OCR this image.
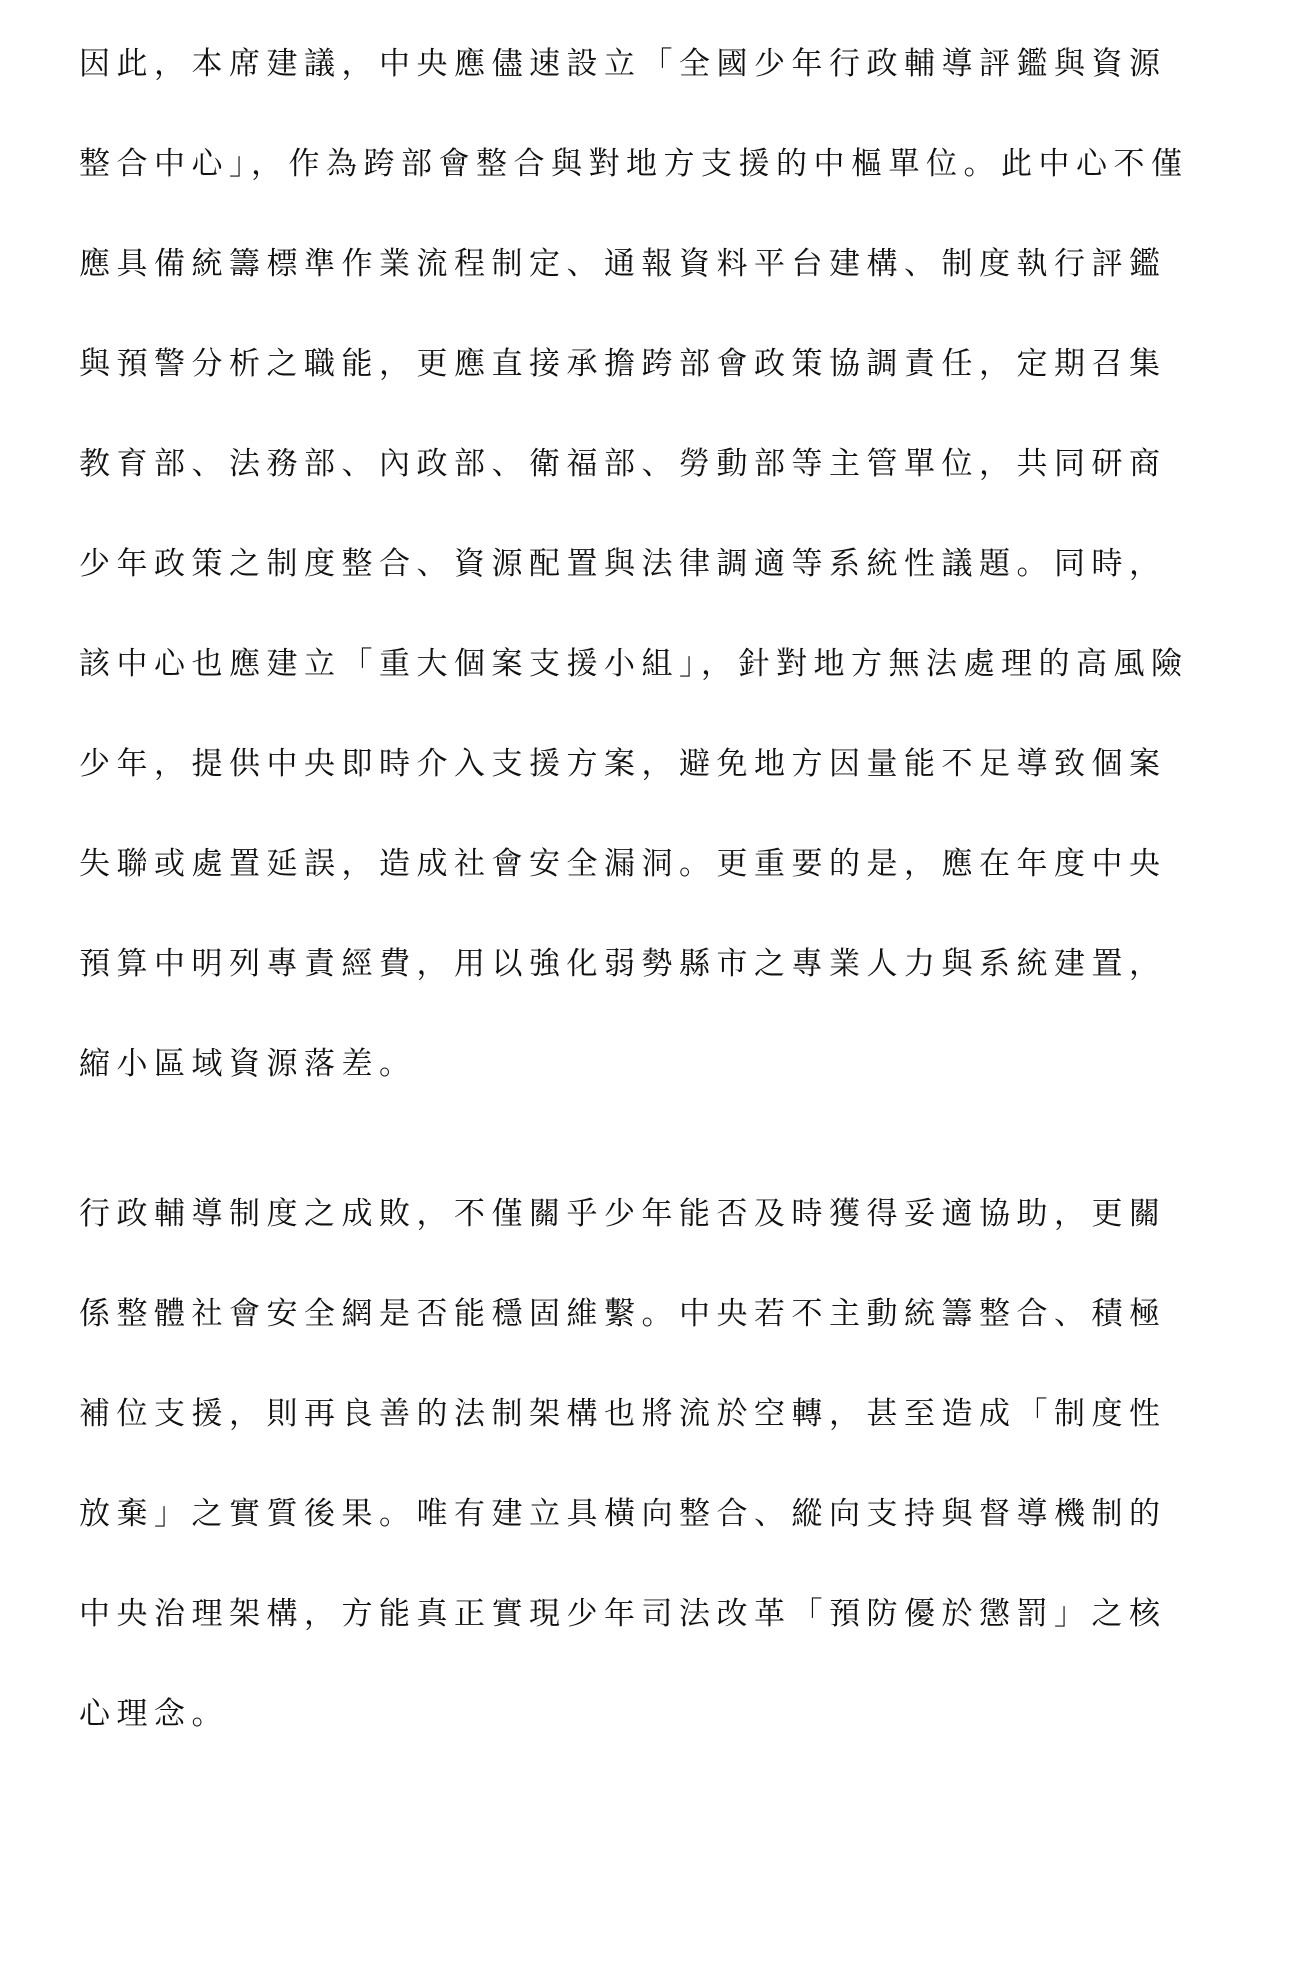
因此，本席建議，中央應儘速設立「全國少年行政輔導評鑑與資源
整合中心」，作為跨部會整合與對地方支援的中樞單位。此中心不僅
應具備統籌標準作業流程制定、通報資料平台建構、制度執行評鑑
與預警分析之職能，更應直接承擔跨部會政策協調責任，定期召集
教育部、法務部、內政部、衛福部、勞動部等主管單位，共同研商
少年政策之制度整合、資源配置與法律調適等系統性議題。同時，
該中心也應建立「重大個案支援小組」，針對地方無法處理的高風險
少年，提供中央即時介入支援方案，避免地方因量能不足導致個案
失聯或處置延誤，造成社會安全漏洞。更重要的是，應在年度中央
預算中明列專責經費，用以強化弱勢縣市之專業人力與系統建置，
縮小區域資源落差。
行政輔導制度之成敗，不僅關乎少年能否及時獲得妥適協助，更關
係整體社會安全網是否能穩固維繫。中央若不主動統籌整合、積極
補位支援，則再良善的法制架構也將流於空轉，甚至造成「制度性
放棄」之實質後果。唯有建立具橫向整合、縱向支持與督導機制的
中央治理架構，方能真正實現少年司法改革「預防優於懲罰」之核
心理念。
